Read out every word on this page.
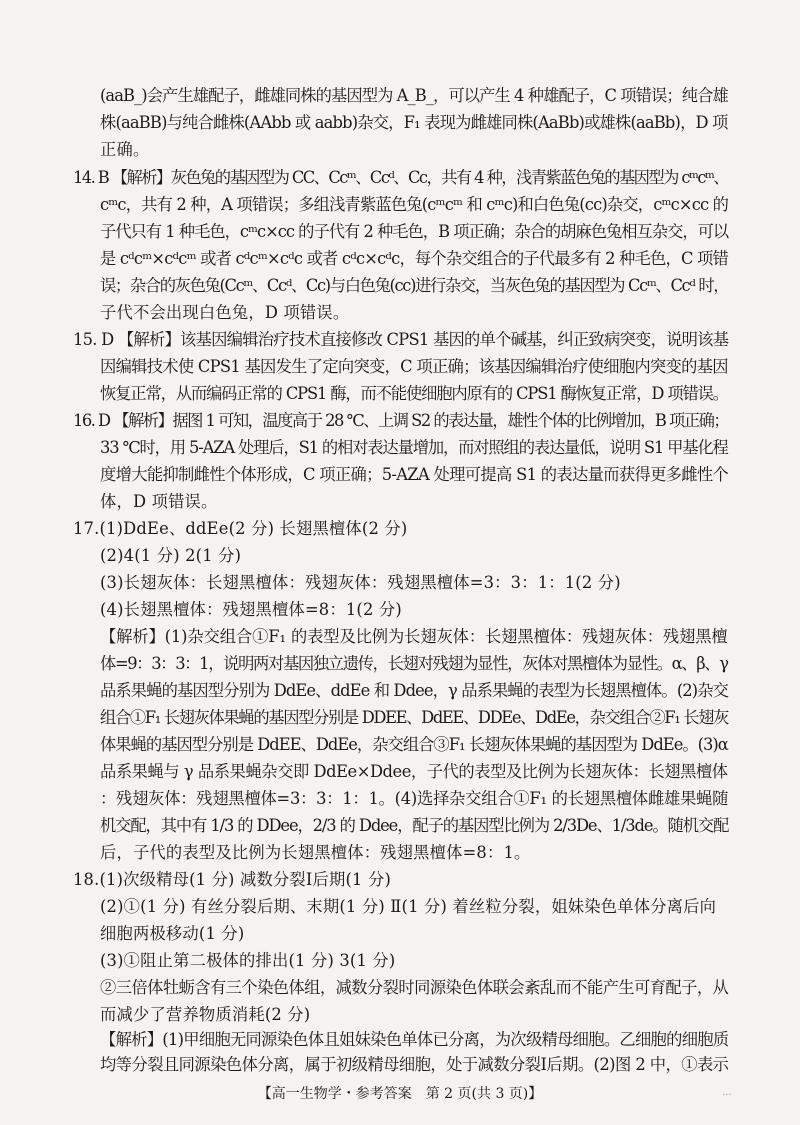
(aaB_)会产生雄配子，雌雄同株的基因型为 A_B_，可以产生 4 种雄配子，C 项错误；纯合雄
株(aaBB)与纯合雌株(AAbb 或 aabb)杂交，F₁ 表现为雌雄同株(AaBb)或雄株(aaBb)，D 项
正确。
14. B 【解析】灰色兔的基因型为 CC、Ccᵐ、Ccᵈ、Cc，共有 4 种，浅青紫蓝色兔的基因型为 cᵐcᵐ、
cᵐc，共有 2 种，A 项错误；多组浅青紫蓝色兔(cᵐcᵐ 和 cᵐc)和白色兔(cc)杂交，cᵐc×cc 的
子代只有 1 种毛色，cᵐc×cc 的子代有 2 种毛色，B 项正确；杂合的胡麻色兔相互杂交，可以
是 cᵈcᵐ×cᵈcᵐ 或者 cᵈcᵐ×cᵈc 或者 cᵈc×cᵈc，每个杂交组合的子代最多有 2 种毛色，C 项错
误；杂合的灰色兔(Ccᵐ、Ccᵈ、Cc)与白色兔(cc)进行杂交，当灰色兔的基因型为 Ccᵐ、Ccᵈ 时，
子代不会出现白色兔，D 项错误。
15. D 【解析】该基因编辑治疗技术直接修改 CPS1 基因的单个碱基，纠正致病突变，说明该基
因编辑技术使 CPS1 基因发生了定向突变，C 项正确；该基因编辑治疗使细胞内突变的基因
恢复正常，从而编码正常的 CPS1 酶，而不能使细胞内原有的 CPS1 酶恢复正常，D 项错误。
16. D 【解析】据图 1 可知，温度高于 28 ℃、上调 S2 的表达量，雄性个体的比例增加，B 项正确；
33 ℃时，用 5-AZA 处理后，S1 的相对表达量增加，而对照组的表达量低，说明 S1 甲基化程
度增大能抑制雌性个体形成，C 项正确；5-AZA 处理可提高 S1 的表达量而获得更多雌性个
体，D 项错误。
17.(1)DdEe、ddEe(2 分) 长翅黑檀体(2 分)
(2)4(1 分) 2(1 分)
(3)长翅灰体：长翅黑檀体：残翅灰体：残翅黑檀体=3：3：1：1(2 分)
(4)长翅黑檀体：残翅黑檀体=8：1(2 分)
【解析】(1)杂交组合①F₁ 的表型及比例为长翅灰体：长翅黑檀体：残翅灰体：残翅黑檀
体=9：3：3：1，说明两对基因独立遗传，长翅对残翅为显性，灰体对黑檀体为显性。α、β、γ
品系果蝇的基因型分别为 DdEe、ddEe 和 Ddee，γ 品系果蝇的表型为长翅黑檀体。(2)杂交
组合①F₁ 长翅灰体果蝇的基因型分别是 DDEE、DdEE、DDEe、DdEe，杂交组合②F₁ 长翅灰
体果蝇的基因型分别是 DdEE、DdEe，杂交组合③F₁ 长翅灰体果蝇的基因型为 DdEe。(3)α
品系果蝇与 γ 品系果蝇杂交即 DdEe×Ddee，子代的表型及比例为长翅灰体：长翅黑檀体
：残翅灰体：残翅黑檀体=3：3：1：1。(4)选择杂交组合①F₁ 的长翅黑檀体雌雄果蝇随
机交配，其中有 1/3 的 DDee，2/3 的 Ddee，配子的基因型比例为 2/3De、1/3de。随机交配
后，子代的表型及比例为长翅黑檀体：残翅黑檀体=8：1。
18.(1)次级精母(1 分) 减数分裂Ⅰ后期(1 分)
(2)①(1 分) 有丝分裂后期、末期(1 分) Ⅱ(1 分) 着丝粒分裂，姐妹染色单体分离后向
细胞两极移动(1 分)
(3)①阻止第二极体的排出(1 分) 3(1 分)
②三倍体牡蛎含有三个染色体组，减数分裂时同源染色体联会紊乱而不能产生可育配子，从
而减少了营养物质消耗(2 分)
【解析】(1)甲细胞无同源染色体且姐妹染色单体已分离，为次级精母细胞。乙细胞的细胞质
均等分裂且同源染色体分离，属于初级精母细胞，处于减数分裂Ⅰ后期。(2)图 2 中，①表示
【高一生物学・参考答案　第 2 页(共 3 页)】	...
